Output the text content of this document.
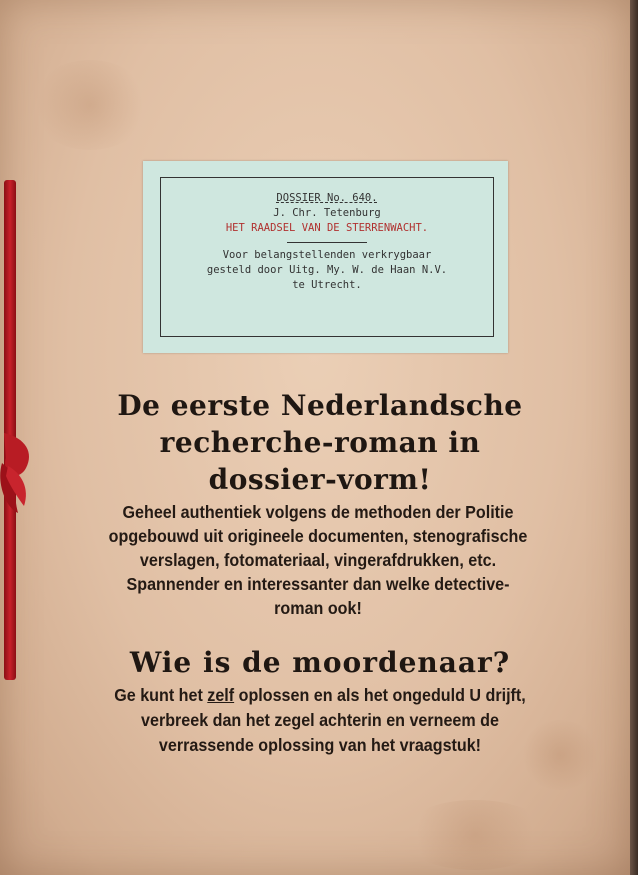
DOSSIER No. 640.
J. Chr. Tetenburg
HET RAADSEL VAN DE STERRENWACHT.
Voor belangstellenden verkrygbaar
gesteld door Uitg. My. W. de Haan N.V.
te Utrecht.
De eerste Nederlandsche
recherche-roman in
dossier-vorm!
Geheel authentiek volgens de methoden der Politie
opgebouwd uit origineele documenten, stenografische
verslagen, fotomateriaal, vingerafdrukken, etc.
Spannender en interessanter dan welke detective-
roman ook!
Wie is de moordenaar?
Ge kunt het zelf oplossen en als het ongeduld U drijft,
verbreek dan het zegel achterin en verneem de
verrassende oplossing van het vraagstuk!
